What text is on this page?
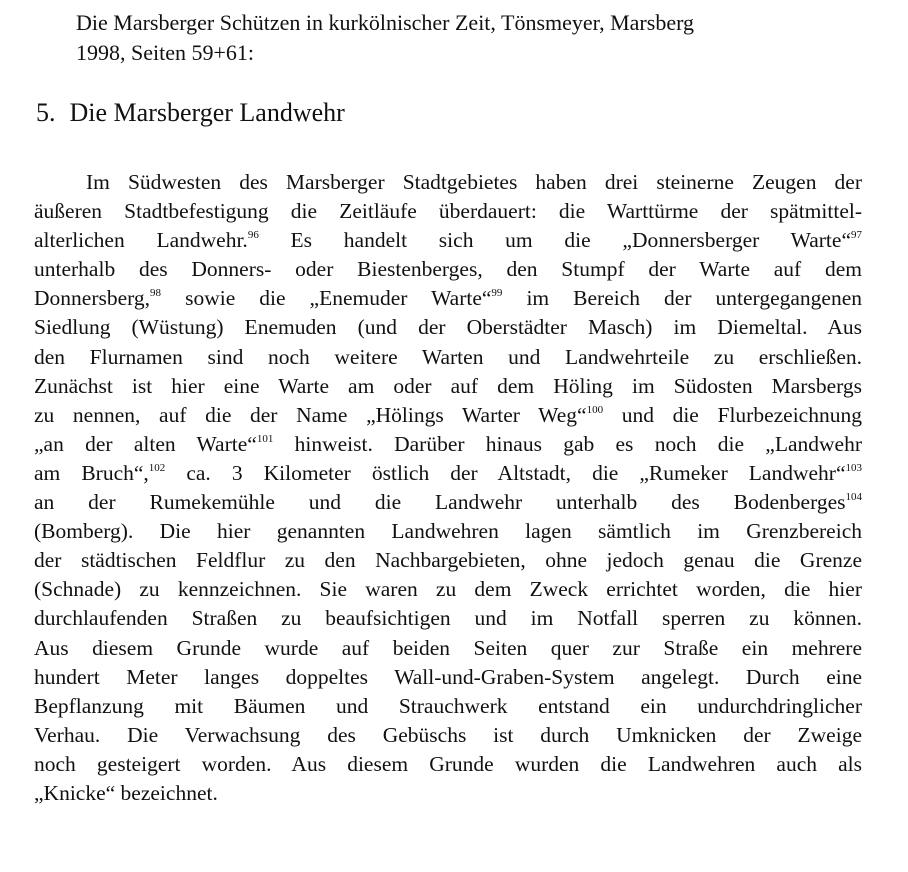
Die Marsberger Schützen in kurkölnischer Zeit, Tönsmeyer, Marsberg
1998, Seiten 59+61:
5. Die Marsberger Landwehr
Im Südwesten des Marsberger Stadtgebietes haben drei steinerne Zeugen der
äußeren Stadtbefestigung die Zeitläufe überdauert: die Warttürme der spätmittel-
alterlichen Landwehr.$^{96}$ Es handelt sich um die „Donnersberger Warte“$^{97}$
unterhalb des Donners- oder Biestenberges, den Stumpf der Warte auf dem
Donnersberg,$^{98}$ sowie die „Enemuder Warte“$^{99}$ im Bereich der untergegangenen
Siedlung (Wüstung) Enemuden (und der Oberstädter Masch) im Diemeltal. Aus
den Flurnamen sind noch weitere Warten und Landwehrteile zu erschließen.
Zunächst ist hier eine Warte am oder auf dem Höling im Südosten Marsbergs
zu nennen, auf die der Name „Hölings Warter Weg“$^{100}$ und die Flurbezeichnung
„an der alten Warte“$^{101}$ hinweist. Darüber hinaus gab es noch die „Landwehr
am Bruch“,$^{102}$ ca. 3 Kilometer östlich der Altstadt, die „Rumeker Landwehr“$^{103}$
an der Rumekemühle und die Landwehr unterhalb des Bodenberges$^{104}$
(Bomberg). Die hier genannten Landwehren lagen sämtlich im Grenzbereich
der städtischen Feldflur zu den Nachbargebieten, ohne jedoch genau die Grenze
(Schnade) zu kennzeichnen. Sie waren zu dem Zweck errichtet worden, die hier
durchlaufenden Straßen zu beaufsichtigen und im Notfall sperren zu können.
Aus diesem Grunde wurde auf beiden Seiten quer zur Straße ein mehrere
hundert Meter langes doppeltes Wall-und-Graben-System angelegt. Durch eine
Bepflanzung mit Bäumen und Strauchwerk entstand ein undurchdringlicher
Verhau. Die Verwachsung des Gebüschs ist durch Umknicken der Zweige
noch gesteigert worden. Aus diesem Grunde wurden die Landwehren auch als
„Knicke“ bezeichnet.
